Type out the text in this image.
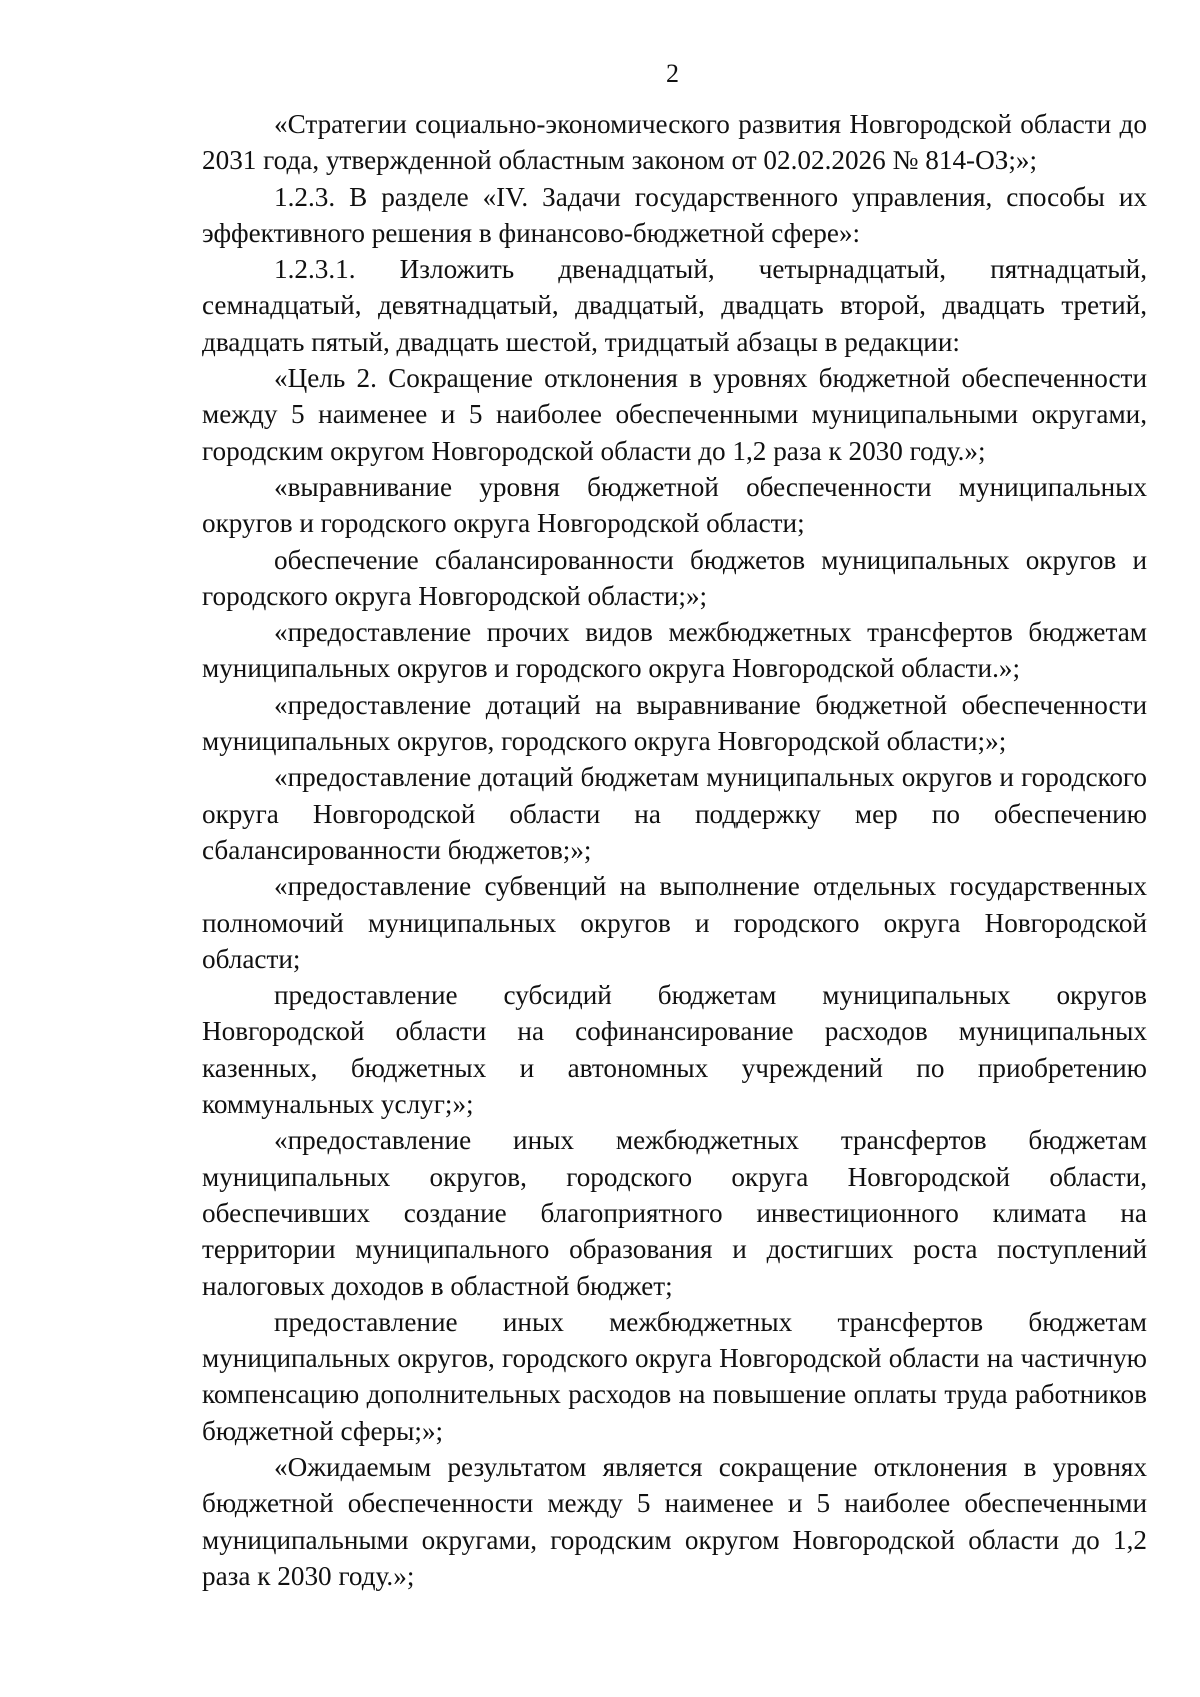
2

«Стратегии социально-экономического развития Новгородской области до 2031 года, утвержденной областным законом от 02.02.2026 № 814-ОЗ;»;

1.2.3. В разделе «IV. Задачи государственного управления, способы их эффективного решения в финансово-бюджетной сфере»:

1.2.3.1. Изложить двенадцатый, четырнадцатый, пятнадцатый, семнадцатый, девятнадцатый, двадцатый, двадцать второй, двадцать третий, двадцать пятый, двадцать шестой, тридцатый абзацы в редакции:

«Цель 2. Сокращение отклонения в уровнях бюджетной обеспеченности между 5 наименее и 5 наиболее обеспеченными муниципальными округами, городским округом Новгородской области до 1,2 раза к 2030 году.»;

«выравнивание уровня бюджетной обеспеченности муниципальных округов и городского округа Новгородской области;

обеспечение сбалансированности бюджетов муниципальных округов и городского округа Новгородской области;»;

«предоставление прочих видов межбюджетных трансфертов бюджетам муниципальных округов и городского округа Новгородской области.»;

«предоставление дотаций на выравнивание бюджетной обеспеченности муниципальных округов, городского округа Новгородской области;»;

«предоставление дотаций бюджетам муниципальных округов и городского округа Новгородской области на поддержку мер по обеспечению сбалансированности бюджетов;»;

«предоставление субвенций на выполнение отдельных государственных полномочий муниципальных округов и городского округа Новгородской области;

предоставление субсидий бюджетам муниципальных округов Новгородской области на софинансирование расходов муниципальных казенных, бюджетных и автономных учреждений по приобретению коммунальных услуг;»;

«предоставление иных межбюджетных трансфертов бюджетам муниципальных округов, городского округа Новгородской области, обеспечивших создание благоприятного инвестиционного климата на территории муниципального образования и достигших роста поступлений налоговых доходов в областной бюджет;

предоставление иных межбюджетных трансфертов бюджетам муниципальных округов, городского округа Новгородской области на частичную компенсацию дополнительных расходов на повышение оплаты труда работников бюджетной сферы;»;

«Ожидаемым результатом является сокращение отклонения в уровнях бюджетной обеспеченности между 5 наименее и 5 наиболее обеспеченными муниципальными округами, городским округом Новгородской области до 1,2 раза к 2030 году.»;
